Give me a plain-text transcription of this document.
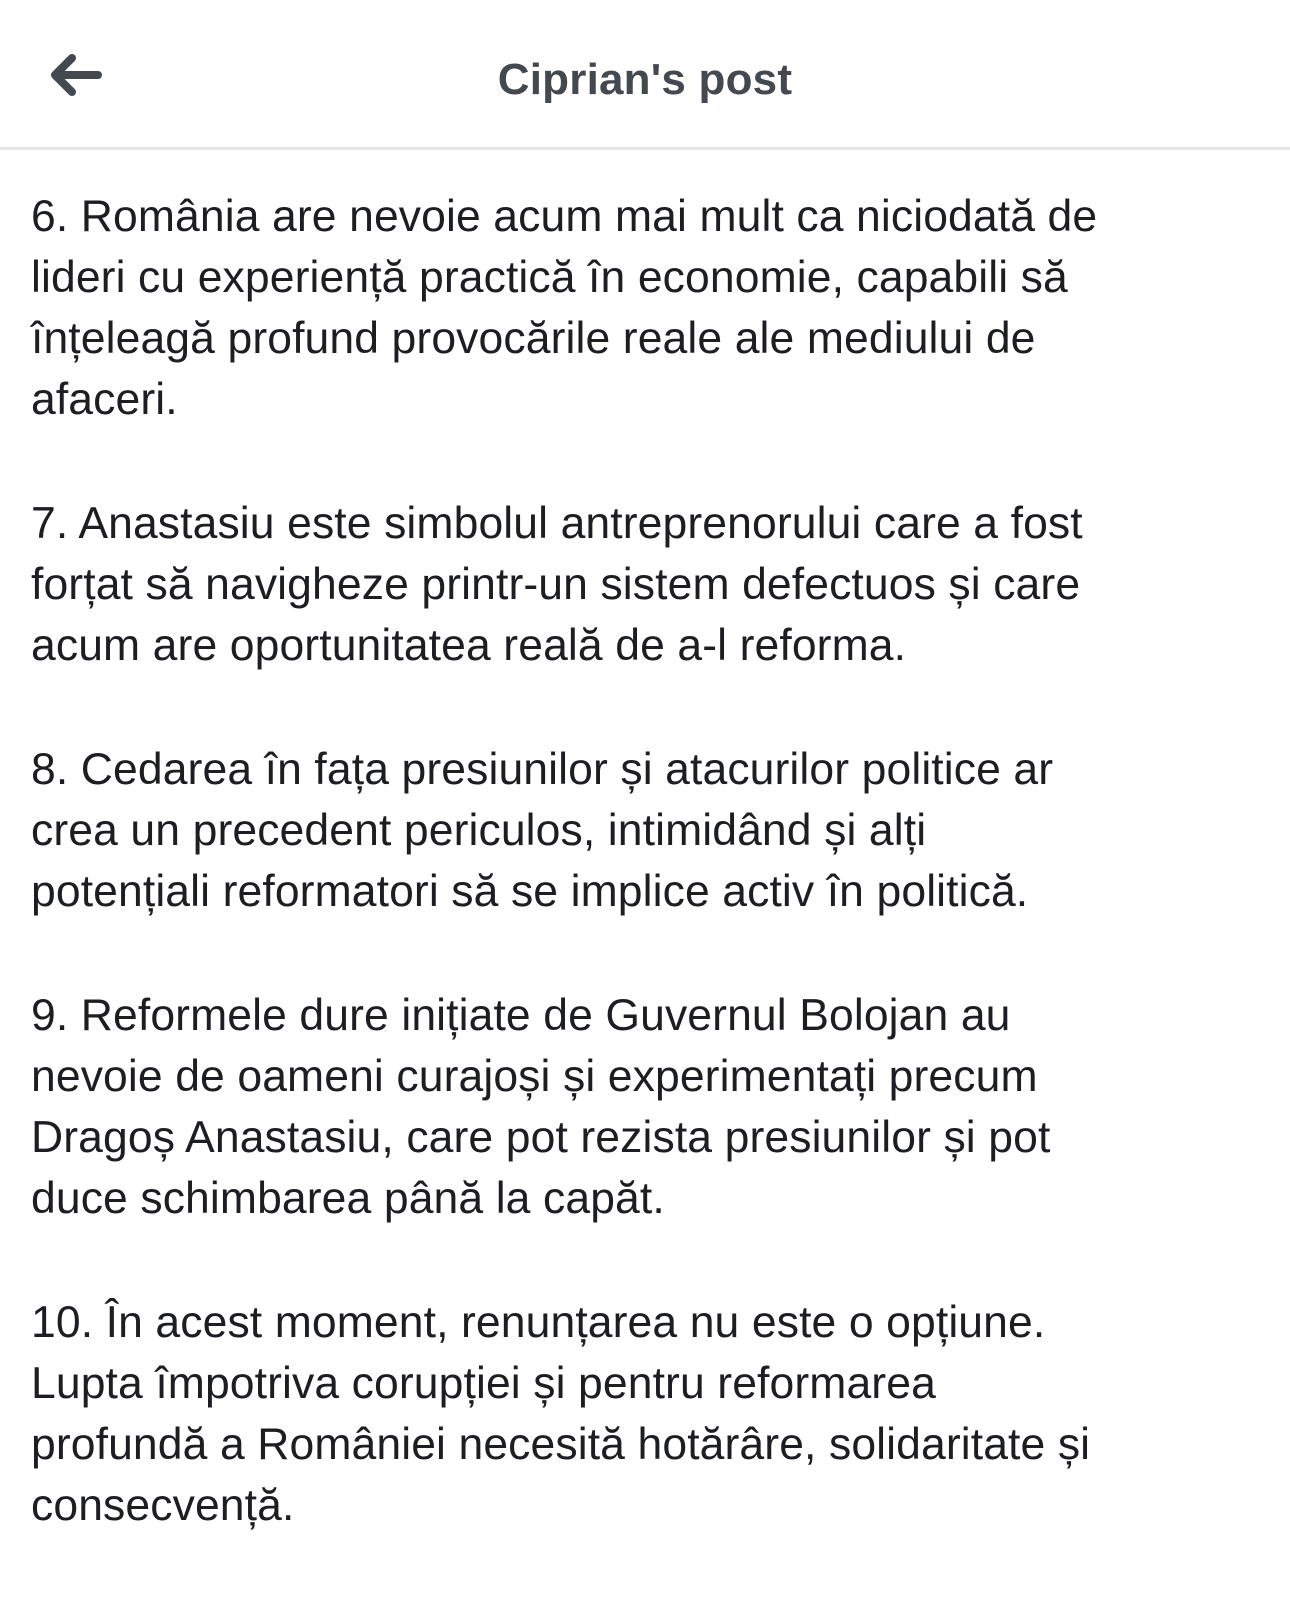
Ciprian's post

6. România are nevoie acum mai mult ca niciodată de
lideri cu experiență practică în economie, capabili să
înțeleagă profund provocările reale ale mediului de
afaceri.

7. Anastasiu este simbolul antreprenorului care a fost
forțat să navigheze printr-un sistem defectuos și care
acum are oportunitatea reală de a-l reforma.

8. Cedarea în fața presiunilor și atacurilor politice ar
crea un precedent periculos, intimidând și alți
potențiali reformatori să se implice activ în politică.

9. Reformele dure inițiate de Guvernul Bolojan au
nevoie de oameni curajoși și experimentați precum
Dragoș Anastasiu, care pot rezista presiunilor și pot
duce schimbarea până la capăt.

10. În acest moment, renunțarea nu este o opțiune.
Lupta împotriva corupției și pentru reformarea
profundă a României necesită hotărâre, solidaritate și
consecvență.
